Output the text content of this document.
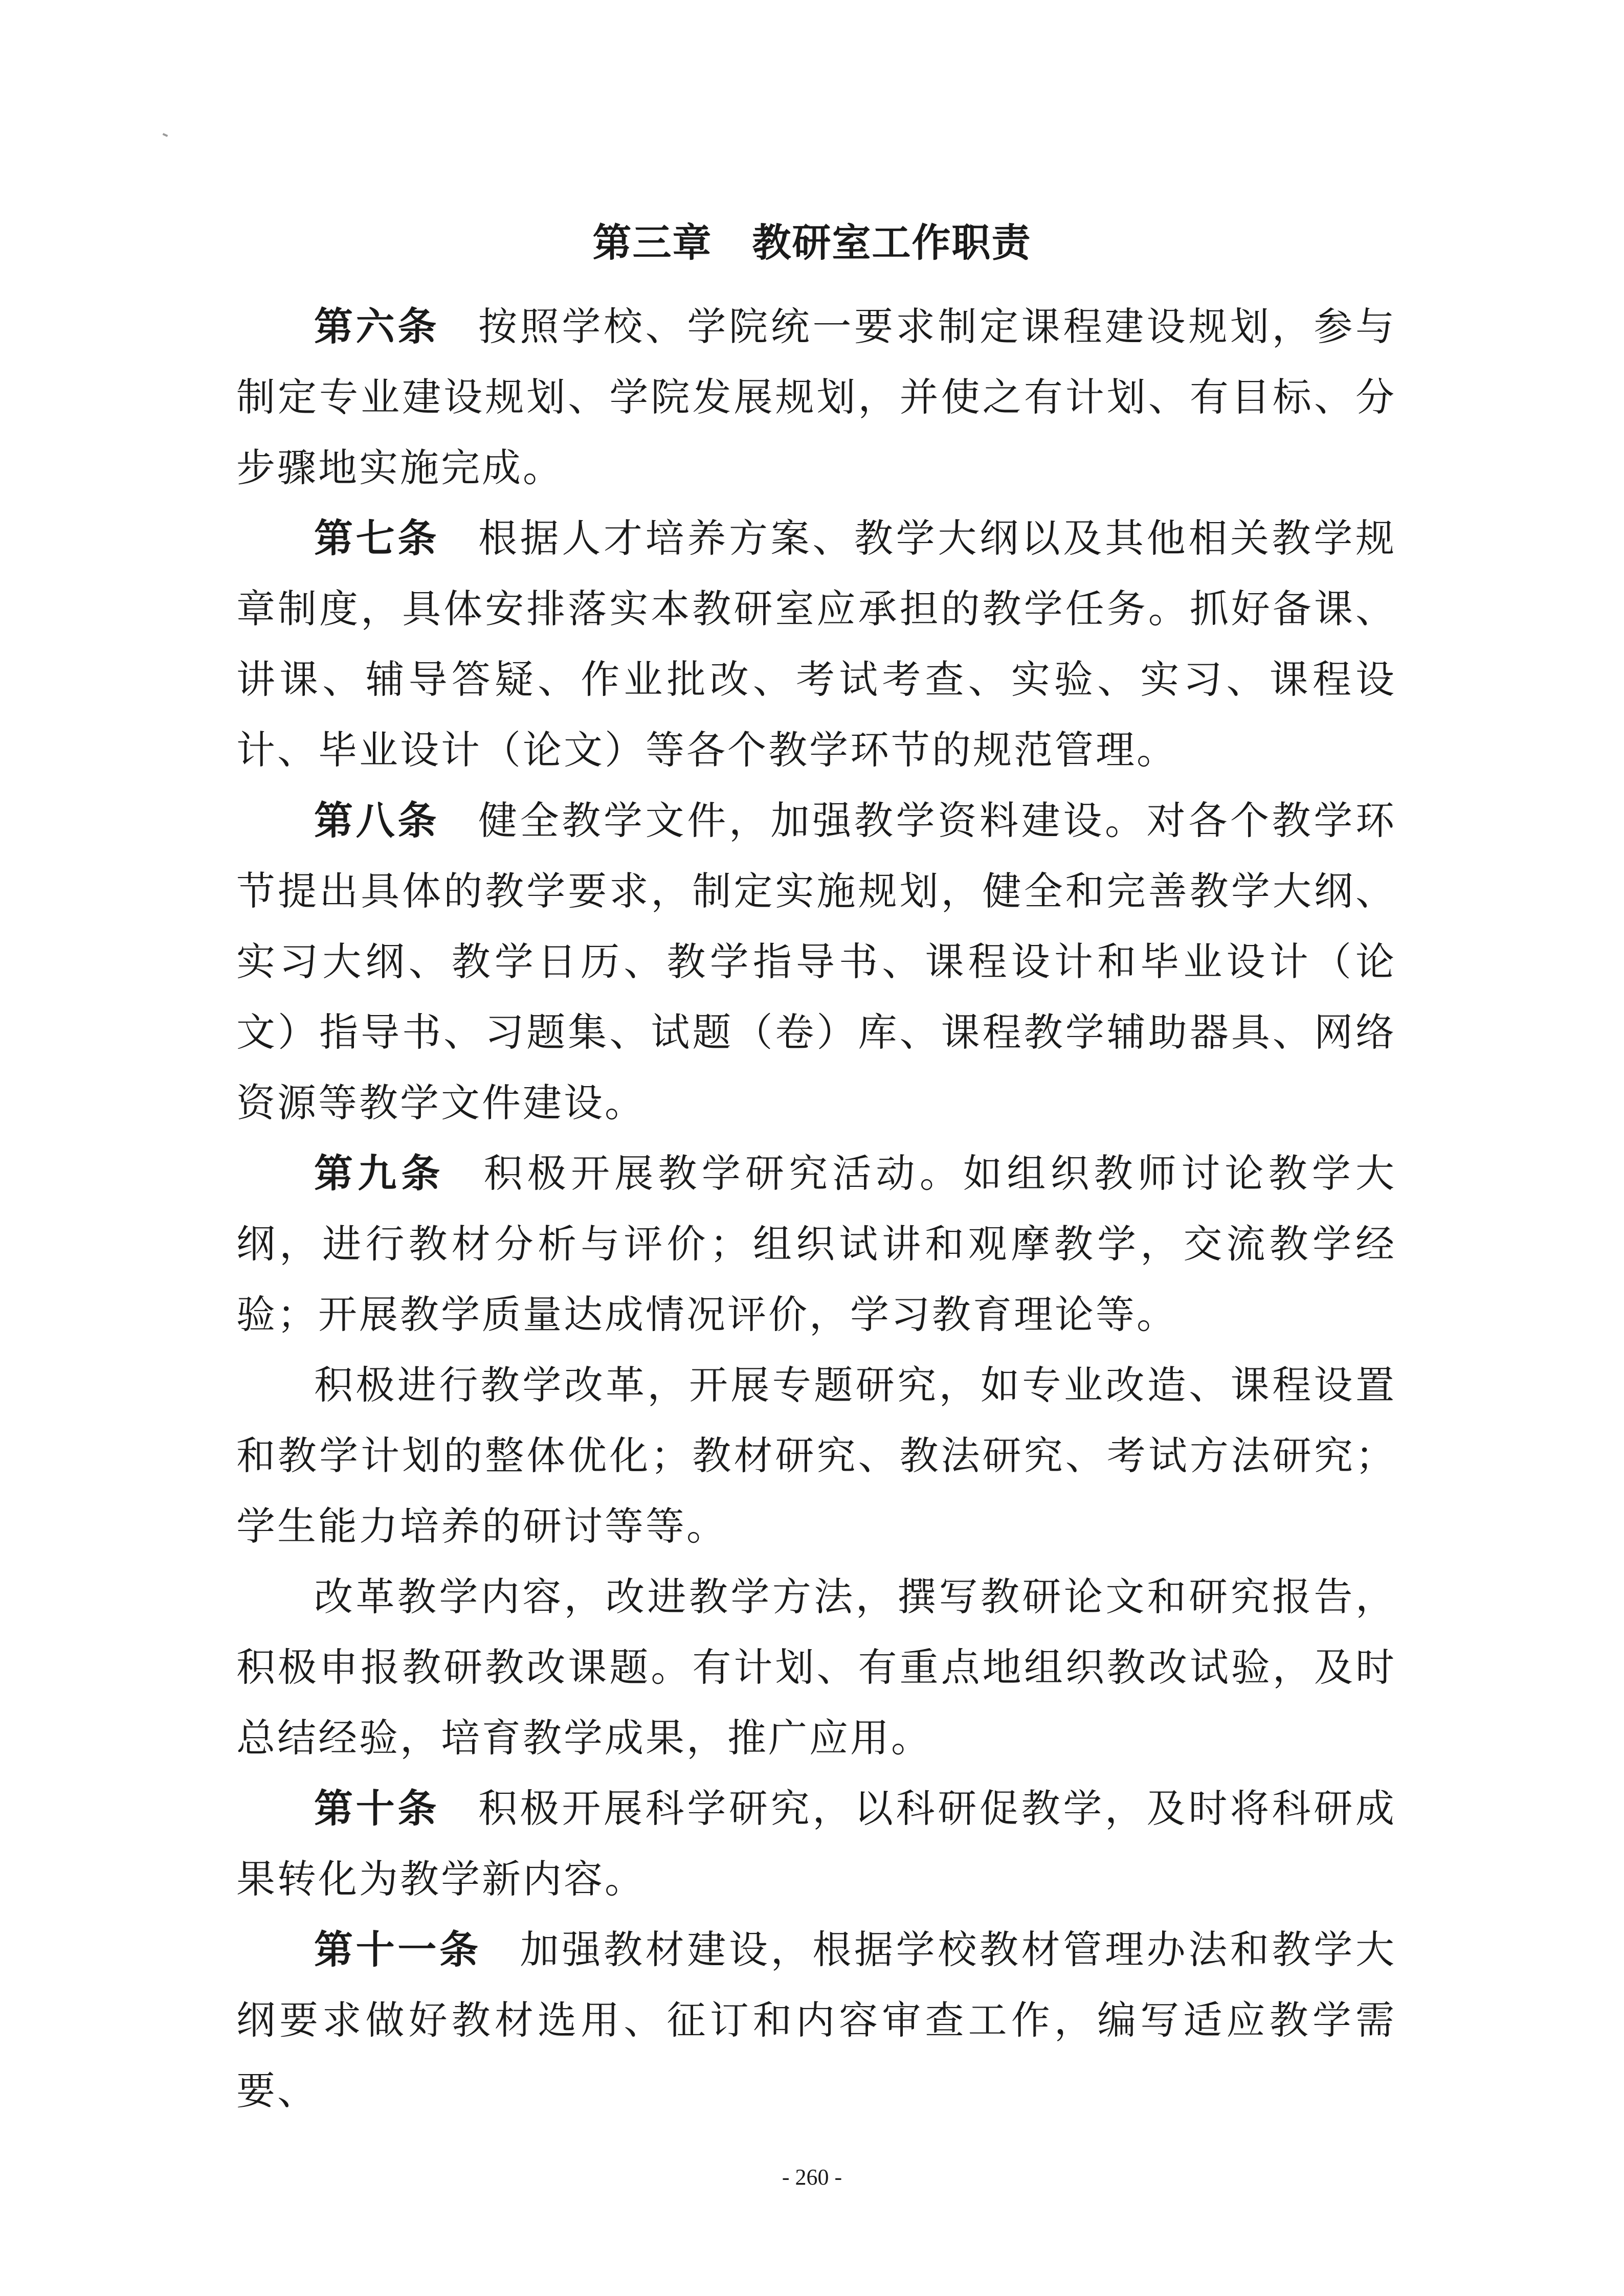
第三章　教研室工作职责

第六条 按照学校、学院统一要求制定课程建设规划，参与制定专业建设规划、学院发展规划，并使之有计划、有目标、分步骤地实施完成。

第七条 根据人才培养方案、教学大纲以及其他相关教学规章制度，具体安排落实本教研室应承担的教学任务。抓好备课、讲课、辅导答疑、作业批改、考试考查、实验、实习、课程设计、毕业设计（论文）等各个教学环节的规范管理。

第八条 健全教学文件，加强教学资料建设。对各个教学环节提出具体的教学要求，制定实施规划，健全和完善教学大纲、实习大纲、教学日历、教学指导书、课程设计和毕业设计（论文）指导书、习题集、试题（卷）库、课程教学辅助器具、网络资源等教学文件建设。

第九条 积极开展教学研究活动。如组织教师讨论教学大纲，进行教材分析与评价；组织试讲和观摩教学，交流教学经验；开展教学质量达成情况评价，学习教育理论等。

积极进行教学改革，开展专题研究，如专业改造、课程设置和教学计划的整体优化；教材研究、教法研究、考试方法研究；学生能力培养的研讨等等。

改革教学内容，改进教学方法，撰写教研论文和研究报告，积极申报教研教改课题。有计划、有重点地组织教改试验，及时总结经验，培育教学成果，推广应用。

第十条 积极开展科学研究，以科研促教学，及时将科研成果转化为教学新内容。

第十一条 加强教材建设，根据学校教材管理办法和教学大纲要求做好教材选用、征订和内容审查工作，编写适应教学需要、

- 260 -
